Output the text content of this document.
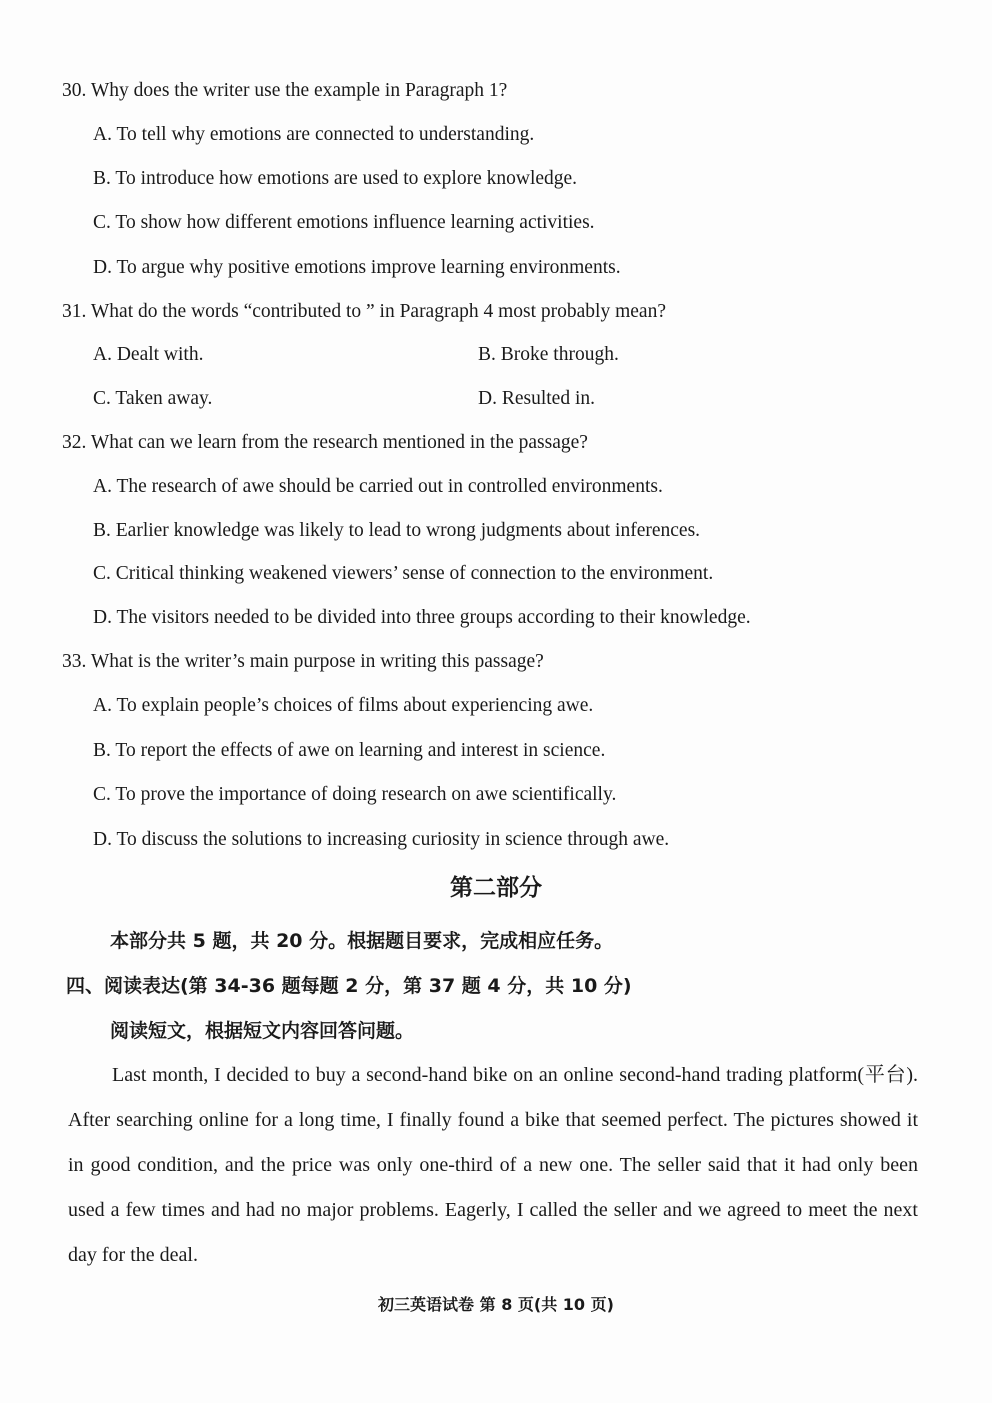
30. Why does the writer use the example in Paragraph 1?
A. To tell why emotions are connected to understanding.
B. To introduce how emotions are used to explore knowledge.
C. To show how different emotions influence learning activities.
D. To argue why positive emotions improve learning environments.
31. What do the words “contributed to ” in Paragraph 4 most probably mean?
A. Dealt with.	B. Broke through.
C. Taken away.	D. Resulted in.
32. What can we learn from the research mentioned in the passage?
A. The research of awe should be carried out in controlled environments.
B. Earlier knowledge was likely to lead to wrong judgments about inferences.
C. Critical thinking weakened viewers’ sense of connection to the environment.
D. The visitors needed to be divided into three groups according to their knowledge.
33. What is the writer’s main purpose in writing this passage?
A. To explain people’s choices of films about experiencing awe.
B. To report the effects of awe on learning and interest in science.
C. To prove the importance of doing research on awe scientifically.
D. To discuss the solutions to increasing curiosity in science through awe.
第二部分
本部分共 5 题，共 20 分。根据题目要求，完成相应任务。
四、阅读表达(第 34-36 题每题 2 分，第 37 题 4 分，共 10 分)
阅读短文，根据短文内容回答问题。
Last month, I decided to buy a second-hand bike on an online second-hand trading platform(平台). After searching online for a long time, I finally found a bike that seemed perfect. The pictures showed it in good condition, and the price was only one-third of a new one. The seller said that it had only been used a few times and had no major problems. Eagerly, I called the seller and we agreed to meet the next day for the deal.
初三英语试卷 第 8 页(共 10 页)
